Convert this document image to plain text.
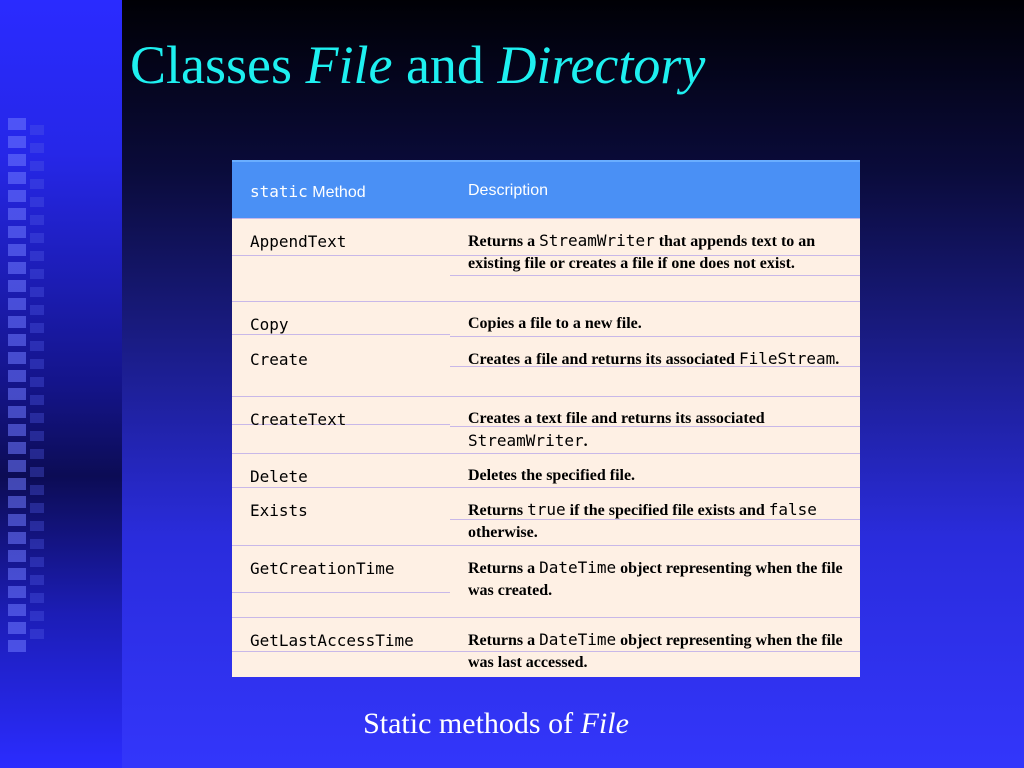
Classes File and Directory
static Method	Description
AppendText	Returns a StreamWriter that appends text to an existing file or creates a file if one does not exist.
Copy	Copies a file to a new file.
Create	Creates a file and returns its associated FileStream.
CreateText	Creates a text file and returns its associated StreamWriter.
Delete	Deletes the specified file.
Exists	Returns true if the specified file exists and false otherwise.
GetCreationTime	Returns a DateTime object representing when the file was created.
GetLastAccessTime	Returns a DateTime object representing when the file was last accessed.

Static methods of File
